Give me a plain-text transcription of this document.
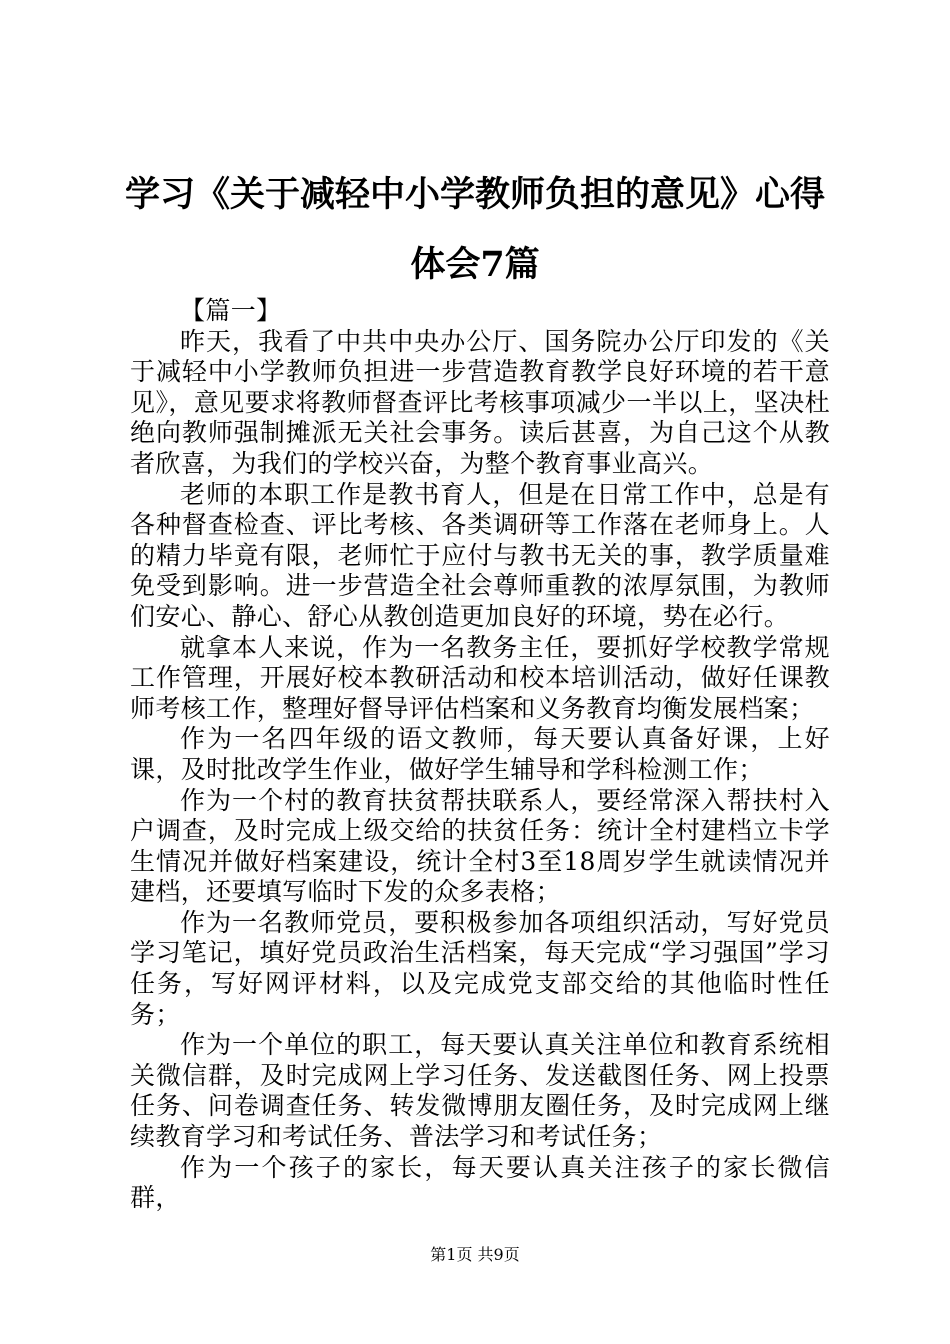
学习《关于减轻中小学教师负担的意见》心得
体会7篇

【篇一】

昨天，我看了中共中央办公厅、国务院办公厅印发的《关于减轻中小学教师负担进一步营造教育教学良好环境的若干意见》，意见要求将教师督查评比考核事项减少一半以上，坚决杜绝向教师强制摊派无关社会事务。读后甚喜，为自己这个从教者欣喜，为我们的学校兴奋，为整个教育事业高兴。

老师的本职工作是教书育人，但是在日常工作中，总是有各种督查检查、评比考核、各类调研等工作落在老师身上。人的精力毕竟有限，老师忙于应付与教书无关的事，教学质量难免受到影响。进一步营造全社会尊师重教的浓厚氛围，为教师们安心、静心、舒心从教创造更加良好的环境，势在必行。

就拿本人来说，作为一名教务主任，要抓好学校教学常规工作管理，开展好校本教研活动和校本培训活动，做好任课教师考核工作，整理好督导评估档案和义务教育均衡发展档案；

作为一名四年级的语文教师，每天要认真备好课，上好课，及时批改学生作业，做好学生辅导和学科检测工作；

作为一个村的教育扶贫帮扶联系人，要经常深入帮扶村入户调查，及时完成上级交给的扶贫任务：统计全村建档立卡学生情况并做好档案建设，统计全村3至18周岁学生就读情况并建档，还要填写临时下发的众多表格；

作为一名教师党员，要积极参加各项组织活动，写好党员学习笔记，填好党员政治生活档案，每天完成“学习强国”学习任务，写好网评材料，以及完成党支部交给的其他临时性任务；

作为一个单位的职工，每天要认真关注单位和教育系统相关微信群，及时完成网上学习任务、发送截图任务、网上投票任务、问卷调查任务、转发微博朋友圈任务，及时完成网上继续教育学习和考试任务、普法学习和考试任务；

作为一个孩子的家长，每天要认真关注孩子的家长微信群，

第1页 共9页
